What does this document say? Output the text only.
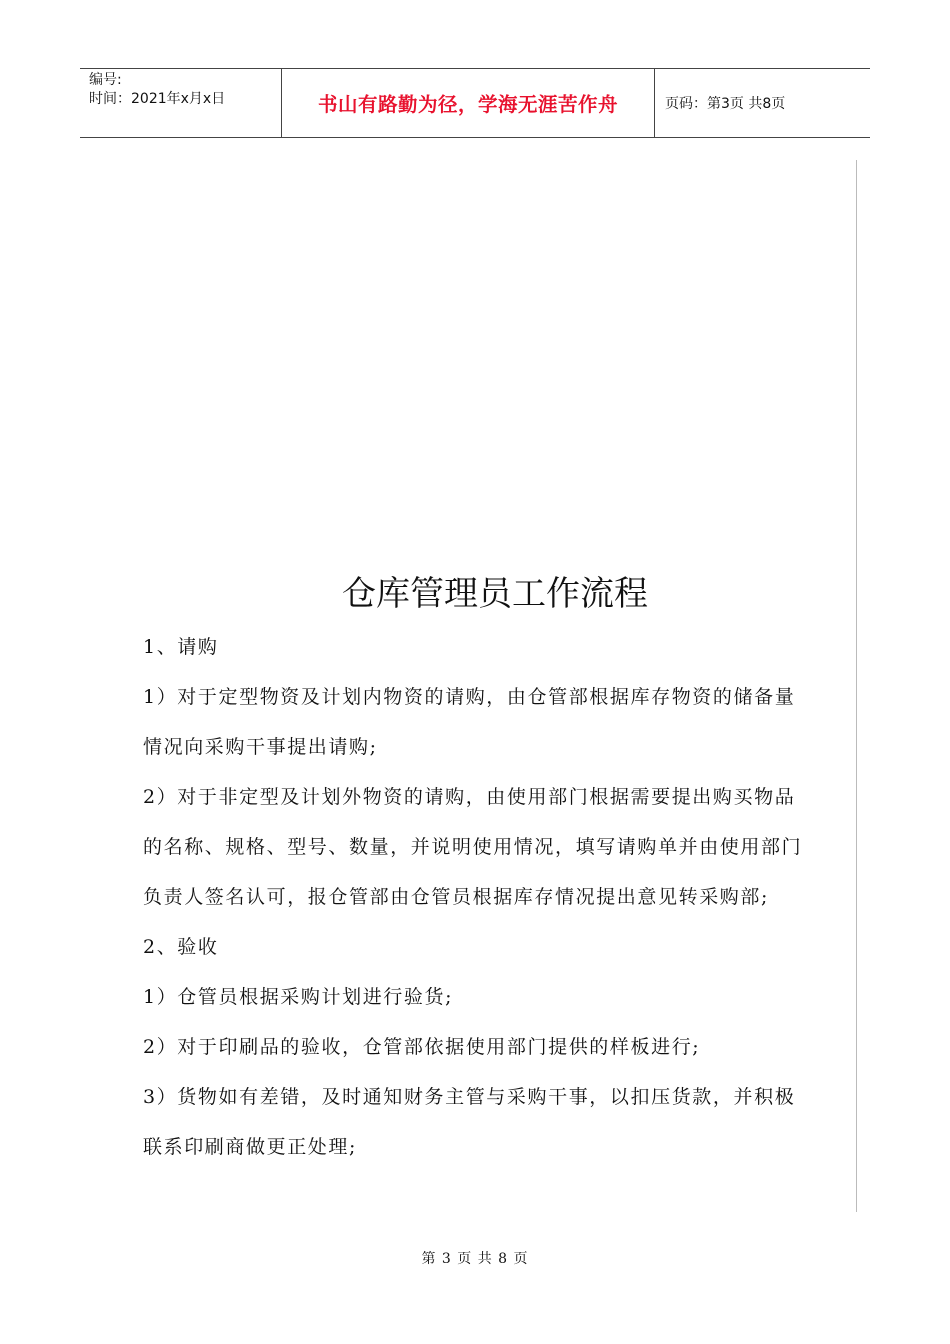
编号:
时间：2021年x月x日	书山有路勤为径，学海无涯苦作舟	页码：第3页 共8页
仓库管理员工作流程

1、请购

1）对于定型物资及计划内物资的请购，由仓管部根据库存物资的储备量情况向采购干事提出请购;

2）对于非定型及计划外物资的请购，由使用部门根据需要提出购买物品的名称、规格、型号、数量，并说明使用情况，填写请购单并由使用部门负责人签名认可，报仓管部由仓管员根据库存情况提出意见转采购部;

2、验收

1）仓管员根据采购计划进行验货;

2）对于印刷品的验收，仓管部依据使用部门提供的样板进行;

3）货物如有差错，及时通知财务主管与采购干事，以扣压货款，并积极联系印刷商做更正处理;

第 3 页 共 8 页
